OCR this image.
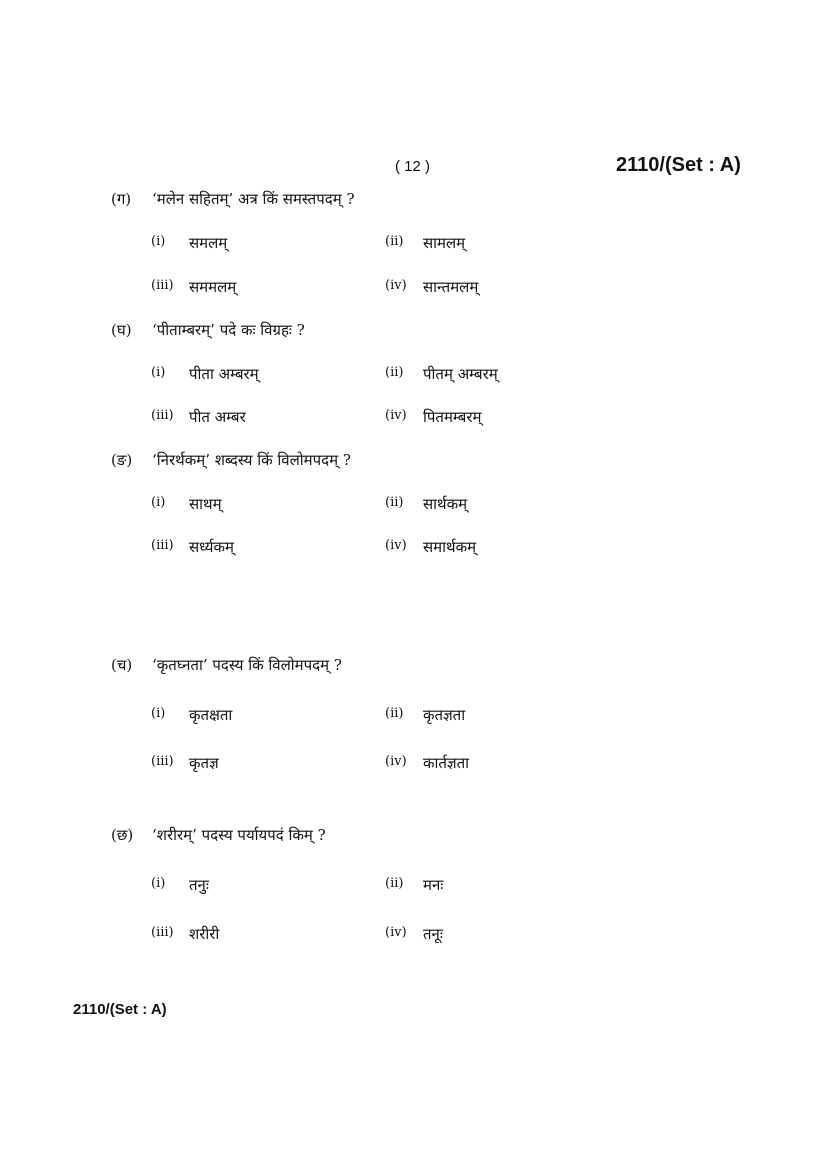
( 12 )	2110/(Set : A)
(ग) ‘मलेन सहितम्’ अत्र किं समस्तपदम् ?
(i) समलम्	(ii) सामलम्
(iii) सममलम्	(iv) सान्तमलम्
(घ) ‘पीताम्बरम्’ पदे कः विग्रहः ?
(i) पीता अम्बरम्	(ii) पीतम् अम्बरम्
(iii) पीत अम्बर	(iv) पितमम्बरम्
(ङ) ‘निरर्थकम्’ शब्दस्य किं विलोमपदम् ?
(i) साथम्	(ii) सार्थकम्
(iii) सर्ध्यकम्	(iv) समार्थकम्
(च) ‘कृतघ्नता’ पदस्य किं विलोमपदम् ?
(i) कृतक्षता	(ii) कृतज्ञता
(iii) कृतज्ञ	(iv) कार्तज्ञता
(छ) ‘शरीरम्’ पदस्य पर्यायपदं किम् ?
(i) तनुः	(ii) मनः
(iii) शरीरी	(iv) तनूः
2110/(Set : A)
